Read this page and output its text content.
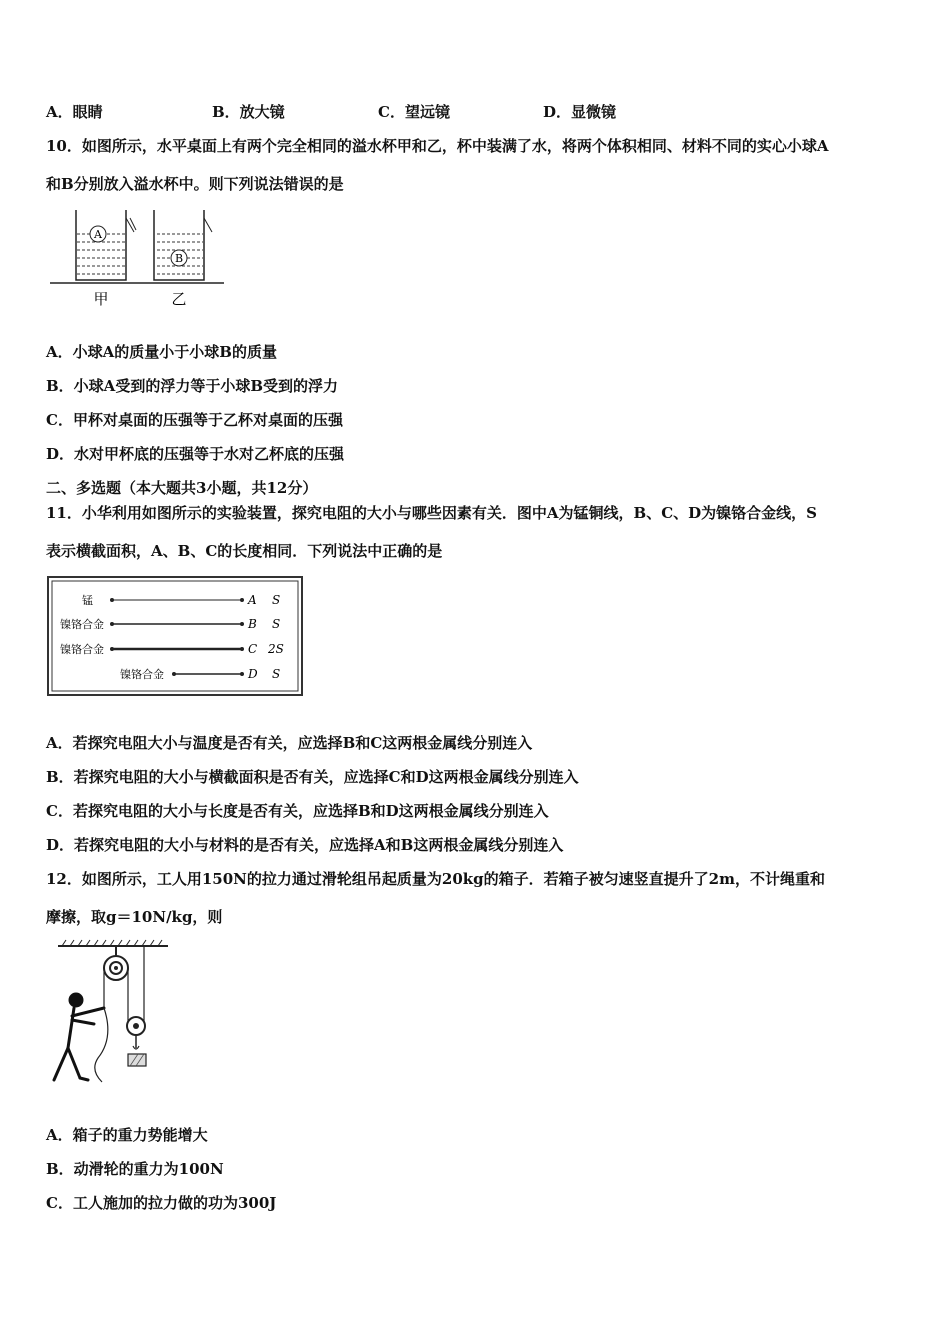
A．眼睛	B．放大镜	C．望远镜	D．显微镜
10．如图所示，水平桌面上有两个完全相同的溢水杯甲和乙，杯中装满了水，将两个体积相同、材料不同的实心小球A
和B分别放入溢水杯中。则下列说法错误的是
A
B
甲	乙
A．小球A的质量小于小球B的质量
B．小球A受到的浮力等于小球B受到的浮力
C．甲杯对桌面的压强等于乙杯对桌面的压强
D．水对甲杯底的压强等于水对乙杯底的压强
二、多选题（本大题共3小题，共12分）
11．小华利用如图所示的实验装置，探究电阻的大小与哪些因素有关．图中A为锰铜线，B、C、D为镍铬合金线，S
表示横截面积，A、B、C的长度相同．下列说法中正确的是
锰	A S
镍铬合金	B S
镍铬合金	C 2S
镍铬合金	D S
A．若探究电阻大小与温度是否有关，应选择B和C这两根金属线分别连入
B．若探究电阻的大小与横截面积是否有关，应选择C和D这两根金属线分别连入
C．若探究电阻的大小与长度是否有关，应选择B和D这两根金属线分别连入
D．若探究电阻的大小与材料的是否有关，应选择A和B这两根金属线分别连入
12．如图所示，工人用150N的拉力通过滑轮组吊起质量为20kg的箱子．若箱子被匀速竖直提升了2m，不计绳重和
摩擦，取g＝10N/kg，则
A．箱子的重力势能增大
B．动滑轮的重力为100N
C．工人施加的拉力做的功为300J
